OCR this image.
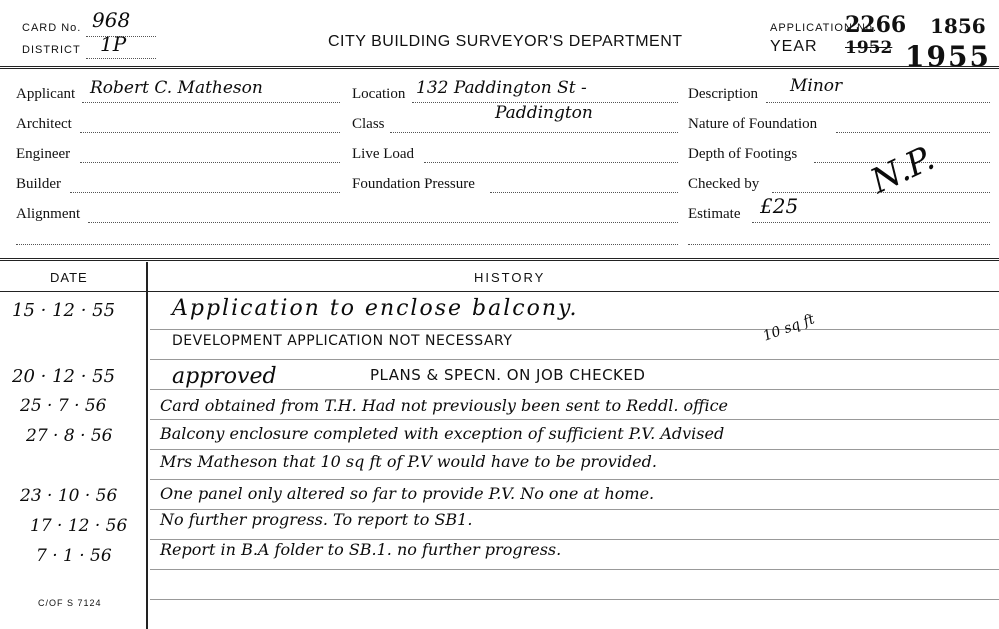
CARD No. 968
DISTRICT 1P	CITY BUILDING SURVEYOR'S DEPARTMENT
APPLICATION No.
2266 1856
YEAR 1952 1955
Applicant Robert C. Matheson
Architect
Engineer
Builder
Alignment
Location 132 Paddington St -
Paddington
Class
Live Load
Foundation Pressure
Description Minor
Nature of Foundation
Depth of Footings
Checked by	N.P.
Estimate £25
DATE	HISTORY
15 · 12 · 55	Application to enclose balcony.
DEVELOPMENT APPLICATION NOT NECESSARY	10 sq ft
20 · 12 · 55	approved	PLANS & SPECN. ON JOB CHECKED
25 · 7 · 56	Card obtained from T.H. Had not previously been sent to Reddl. office
27 · 8 · 56	Balcony enclosure completed with exception of sufficient P.V. Advised
Mrs Matheson that 10 sq ft of P.V would have to be provided.
23 · 10 · 56	One panel only altered so far to provide P.V. No one at home.
17 · 12 · 56 No further progress. To report to SB1.
7 · 1 · 56	Report in B.A folder to SB.1. no further progress.
C/OF S 7124
